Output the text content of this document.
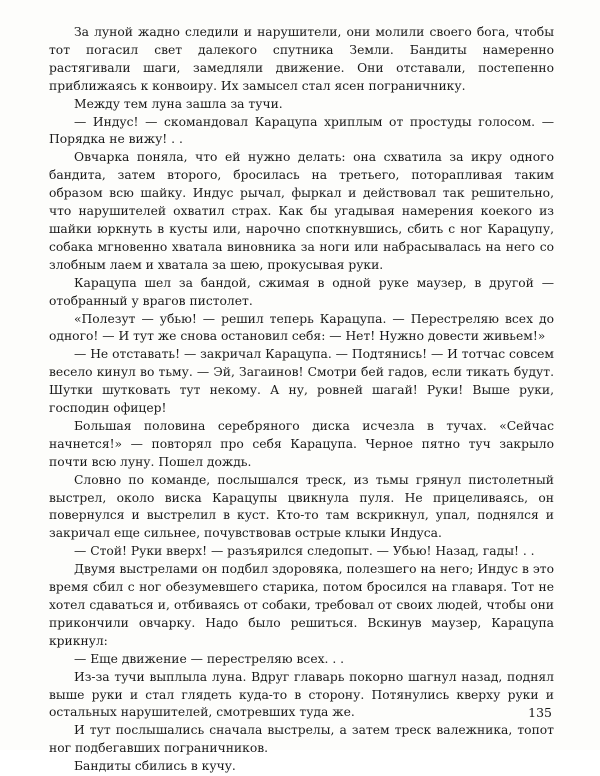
За луной жадно следили и нарушители, они молили своего бога, чтобы тот погасил свет далекого спутника Земли. Бандиты намеренно растягивали шаги, замедляли движение. Они отставали, постепенно приближаясь к конвоиру. Их замысел стал ясен пограничнику.

Между тем луна зашла за тучи.

— Индус! — скомандовал Карацупа хриплым от простуды голосом. — Порядка не вижу! . .

Овчарка поняла, что ей нужно делать: она схватила за икру одного бандита, затем второго, бросилась на третьего, поторапливая таким образом всю шайку. Индус рычал, фыркал и действовал так решительно, что нарушителей охватил страх. Как бы угадывая намерения коекого из шайки юркнуть в кусты или, нарочно споткнувшись, сбить с ног Карацупу, собака мгновенно хватала виновника за ноги или набрасывалась на него со злобным лаем и хватала за шею, прокусывая руки.

Карацупа шел за бандой, сжимая в одной руке маузер, в другой — отобранный у врагов пистолет.

«Полезут — убью! — решил теперь Карацупа. — Перестреляю всех до одного! — И тут же снова остановил себя: — Нет! Нужно довести живьем!»

— Не отставать! — закричал Карацупа. — Подтянись! — И тотчас совсем весело кинул во тьму. — Эй, Загаинов! Смотри бей гадов, если тикать будут. Шутки шутковать тут некому. А ну, ровней шагай! Руки! Выше руки, господин офицер!

Большая половина серебряного диска исчезла в тучах. «Сейчас начнется!» — повторял про себя Карацупа. Черное пятно туч закрыло почти всю луну. Пошел дождь.

Словно по команде, послышался треск, из тьмы грянул пистолетный выстрел, около виска Карацупы цвикнула пуля. Не прицеливаясь, он повернулся и выстрелил в куст. Кто-то там вскрикнул, упал, поднялся и закричал еще сильнее, почувствовав острые клыки Индуса.

— Стой! Руки вверх! — разъярился следопыт. — Убью! Назад, гады! . .

Двумя выстрелами он подбил здоровяка, полезшего на него; Индус в это время сбил с ног обезумевшего старика, потом бросился на главаря. Тот не хотел сдаваться и, отбиваясь от собаки, требовал от своих людей, чтобы они прикончили овчарку. Надо было решиться. Вскинув маузер, Карацупа крикнул:

— Еще движение — перестреляю всех. . .

Из-за тучи выплыла луна. Вдруг главарь покорно шагнул назад, поднял выше руки и стал глядеть куда-то в сторону. Потянулись кверху руки и остальных нарушителей, смотревших туда же.

И тут послышались сначала выстрелы, а затем треск валежника, топот ног подбегавших пограничников.

Бандиты сбились в кучу.

135
